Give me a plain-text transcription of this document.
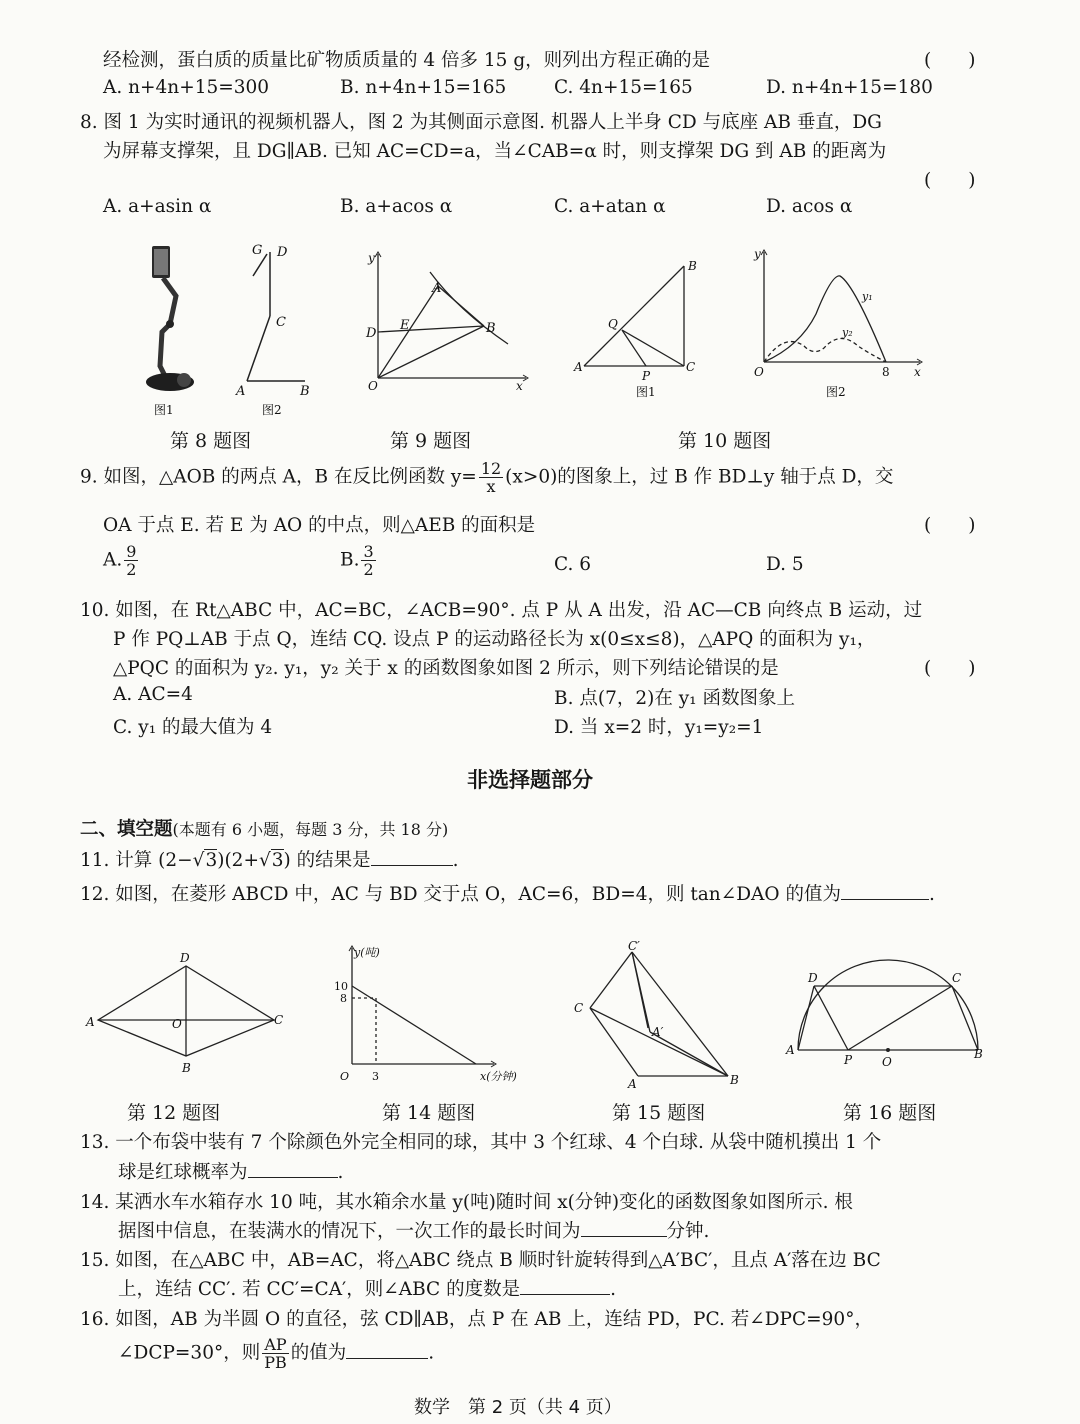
经检测，蛋白质的质量比矿物质质量的 4 倍多 15 g，则列出方程正确的是	(　　)
A. n+4n+15=300	B. n+4n+15=165	C. 4n+15=165	D. n+4n+15=180
8. 图 1 为实时通讯的视频机器人，图 2 为其侧面示意图. 机器人上半身 CD 与底座 AB 垂直，DG
为屏幕支撑架，且 DG∥AB. 已知 AC=CD=a，当∠CAB=α 时，则支撑架 DG 到 AB 的距离为
(　　)
A. a+asin α	B. a+acos α	C. a+atan α	D. acos α
图1
G D
C
A	B
图2
第 8 题图
y
x
O
A
B
D
E
第 9 题图
B
Q
A
P
C
图1
y
x
O	8
y₁
y₂
图2
第 10 题图
9. 如图，△AOB 的两点 A，B 在反比例函数 $y= \frac{12}{x} (x>0)$的图象上，过 B 作 BD⊥y 轴于点 D，交
OA 于点 E. 若 E 为 AO 的中点，则△AEB 的面积是	(　　)
A. $\frac{9}{2}$	B. $\frac{3}{2}$	C. 6	D. 5
10. 如图，在 Rt△ABC 中，AC=BC，∠ACB=90°. 点 P 从 A 出发，沿 AC—CB 向终点 B 运动，过
P 作 PQ⊥AB 于点 Q，连结 CQ. 设点 P 的运动路径长为 x(0≤x≤8)，△APQ 的面积为 y₁，
△PQC 的面积为 y₂. y₁，y₂ 关于 x 的函数图象如图 2 所示，则下列结论错误的是	(　　)
A. AC=4	B. 点(7，2)在 y₁ 函数图象上
C. y₁ 的最大值为 4	D. 当 x=2 时，y₁=y₂=1
非选择题部分
二、填空题(本题有 6 小题，每题 3 分，共 18 分)
11. 计算 (2−√3)(2+√3) 的结果是	.
12. 如图，在菱形 ABCD 中，AC 与 BD 交于点 O，AC=6，BD=4，则 tan∠DAO 的值为	.
A
D
C
B
O
第 12 题图
y(吨)
x(分钟)
10
8
3
O
第 14 题图
C′
C
A′
A	B
第 15 题图
D	C
A
P O
B
第 16 题图
13. 一个布袋中装有 7 个除颜色外完全相同的球，其中 3 个红球、4 个白球. 从袋中随机摸出 1 个
球是红球概率为	.
14. 某洒水车水箱存水 10 吨，其水箱余水量 y(吨)随时间 x(分钟)变化的函数图象如图所示. 根
据图中信息，在装满水的情况下，一次工作的最长时间为	分钟.
15. 如图，在△ABC 中，AB=AC，将△ABC 绕点 B 顺时针旋转得到△A′BC′，且点 A′落在边 BC
上，连结 CC′. 若 CC′=CA′，则∠ABC 的度数是	.
16. 如图，AB 为半圆 O 的直径，弦 CD∥AB，点 P 在 AB 上，连结 PD，PC. 若∠DPC=90°，
∠DCP=30°，则 $\frac{AP}{PB}$ 的值为	.
数学　第 2 页（共 4 页）
